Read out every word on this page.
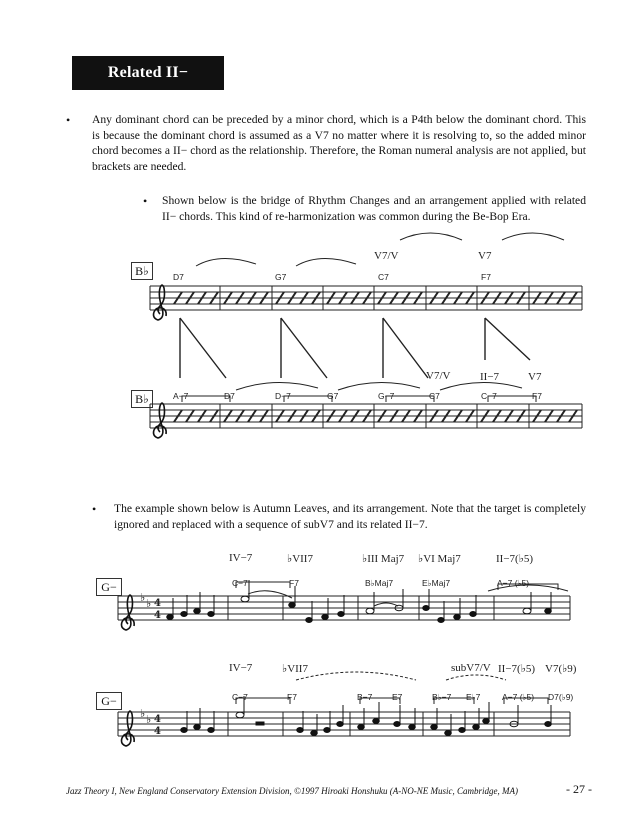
Related II−
• Any dominant chord can be preceded by a minor chord, which is a P4th below the dominant chord. This is because the dominant chord is assumed as a V7 no matter where it is resolving to, so the added minor chord becomes a II− chord as the relationship. Therefore, the Roman numeral analysis are not applied, but brackets are needed.
• Shown below is the bridge of Rhythm Changes and an arrangement applied with related II− chords. This kind of re-harmonization was common during the Be-Bop Era.
B♭
B♭
G−
G−
D7	G7	C7	F7
V7/V	V7
A−7	D7	D−7	G7	G−7	C7	C−7	F7
V7/V	II−7	V7
• The example shown below is Autumn Leaves, and its arrangement. Note that the target is completely ignored and replaced with a sequence of subV7 and its related II−7.
IV−7	♭VII7	♭III Maj7 ♭VI Maj7	II−7(♭5)
C−7	F7	B♭Maj7	E♭Maj7	A−7 (♭5)
IV−7	♭VII7	subV7/V II−7(♭5) V7(♭9)
C−7	F7	B−7 E7	B♭−7 E♭7	A−7 (♭5) D7(♭9)
♭ ♭
♭ ♭
4
4
4
4
Jazz Theory I, New England Conservatory Extension Division, ©1997 Hiroaki Honshuku (A-NO-NE Music, Cambridge, MA)	- 27 -
